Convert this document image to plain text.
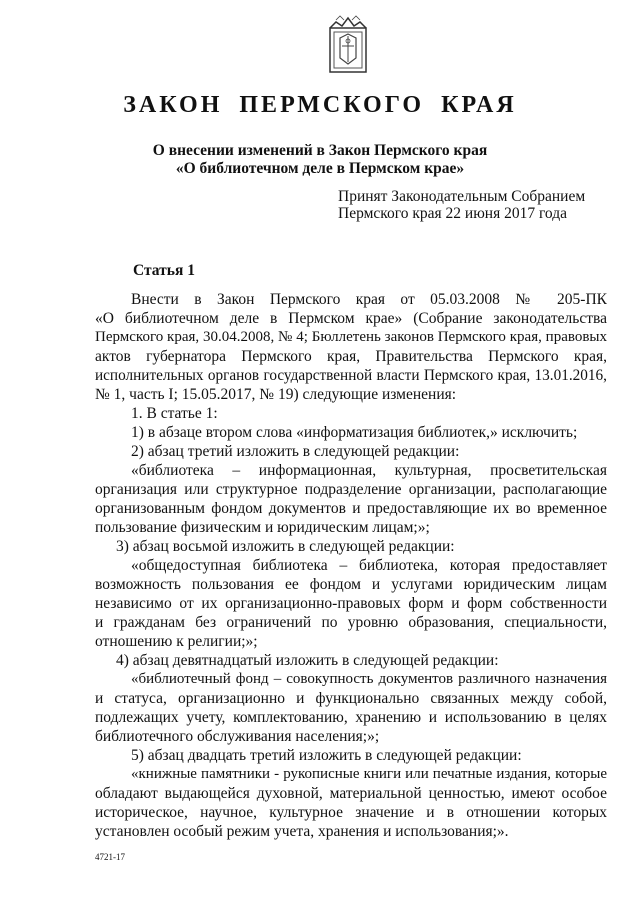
ЗАКОН ПЕРМСКОГО КРАЯ
О внесении изменений в Закон Пермского края
«О библиотечном деле в Пермском крае»
Принят Законодательным Собранием
Пермского края 22 июня 2017 года
Статья 1
Внести в Закон Пермского края от 05.03.2008 № 205-ПК
«О библиотечном деле в Пермском крае» (Собрание законодательства
Пермского края, 30.04.2008, № 4; Бюллетень законов Пермского края, правовых
актов губернатора Пермского края, Правительства Пермского края,
исполнительных органов государственной власти Пермского края, 13.01.2016,
№ 1, часть I; 15.05.2017, № 19) следующие изменения:
1. В статье 1:
1) в абзаце втором слова «информатизация библиотек,» исключить;
2) абзац третий изложить в следующей редакции:
«библиотека – информационная, культурная, просветительская
организация или структурное подразделение организации, располагающие
организованным фондом документов и предоставляющие их во временное
пользование физическим и юридическим лицам;»;
3) абзац восьмой изложить в следующей редакции:
«общедоступная библиотека – библиотека, которая предоставляет
возможность пользования ее фондом и услугами юридическим лицам
независимо от их организационно-правовых форм и форм собственности
и гражданам без ограничений по уровню образования, специальности,
отношению к религии;»;
4) абзац девятнадцатый изложить в следующей редакции:
«библиотечный фонд – совокупность документов различного назначения
и статуса, организационно и функционально связанных между собой,
подлежащих учету, комплектованию, хранению и использованию в целях
библиотечного обслуживания населения;»;
5) абзац двадцать третий изложить в следующей редакции:
«книжные памятники - рукописные книги или печатные издания, которые
обладают выдающейся духовной, материальной ценностью, имеют особое
историческое, научное, культурное значение и в отношении которых
установлен особый режим учета, хранения и использования;».
4721-17
